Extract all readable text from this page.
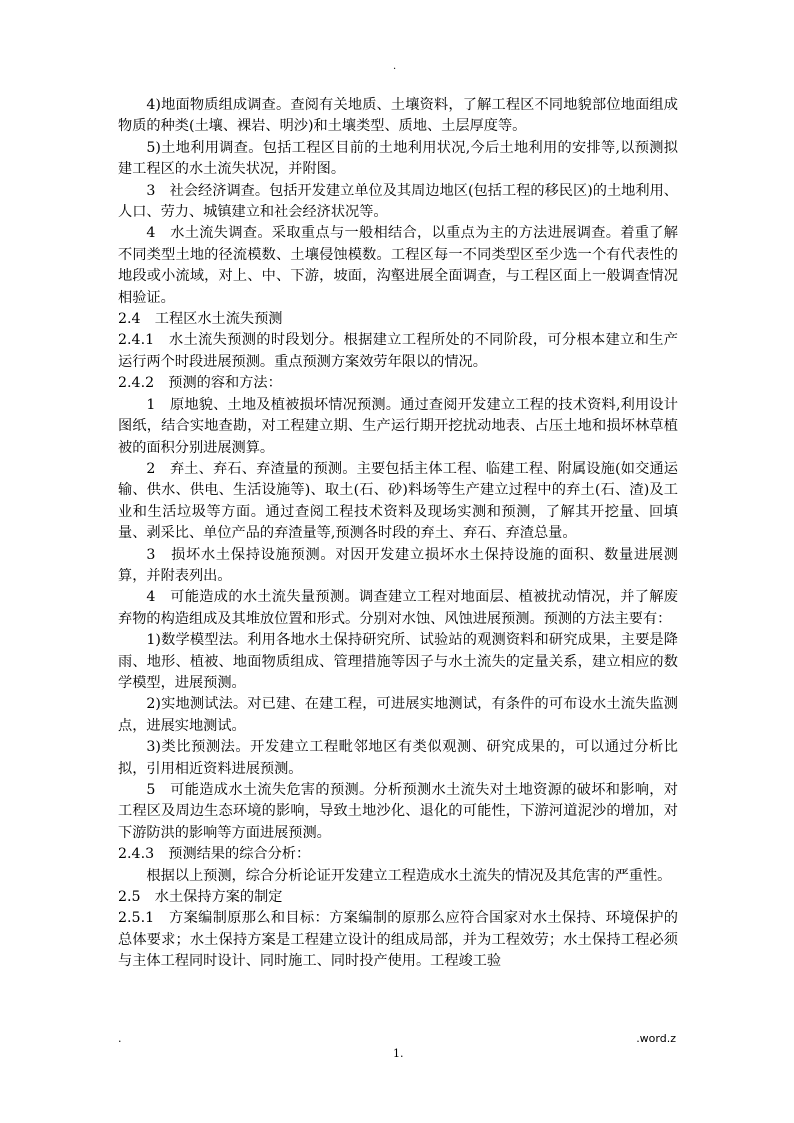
.

4)地面物质组成调查。查阅有关地质、土壤资料，了解工程区不同地貌部位地面组成物质的种类(土壤、裸岩、明沙)和土壤类型、质地、土层厚度等。

5)土地利用调查。包括工程区目前的土地利用状况,今后土地利用的安排等,以预测拟建工程区的水土流失状况，并附图。

3　社会经济调查。包括开发建立单位及其周边地区(包括工程的移民区)的土地利用、人口、劳力、城镇建立和社会经济状况等。

4　水土流失调查。采取重点与一般相结合，以重点为主的方法进展调查。着重了解不同类型土地的径流模数、土壤侵蚀模数。工程区每一不同类型区至少选一个有代表性的地段或小流域，对上、中、下游，坡面，沟壑进展全面调查，与工程区面上一般调查情况相验证。

2.4　工程区水土流失预测

2.4.1　水土流失预测的时段划分。根据建立工程所处的不同阶段，可分根本建立和生产运行两个时段进展预测。重点预测方案效劳年限以的情况。

2.4.2　预测的容和方法：

1　原地貌、土地及植被损坏情况预测。通过查阅开发建立工程的技术资料,利用设计图纸，结合实地查勘，对工程建立期、生产运行期开挖扰动地表、占压土地和损坏林草植被的面积分别进展测算。

2　弃土、弃石、弃渣量的预测。主要包括主体工程、临建工程、附属设施(如交通运输、供水、供电、生活设施等)、取土(石、砂)料场等生产建立过程中的弃土(石、渣)及工业和生活垃圾等方面。通过查阅工程技术资料及现场实测和预测，了解其开挖量、回填量、剥采比、单位产品的弃渣量等,预测各时段的弃土、弃石、弃渣总量。

3　损坏水土保持设施预测。对因开发建立损坏水土保持设施的面积、数量进展测算，并附表列出。

4　可能造成的水土流失量预测。调查建立工程对地面层、植被扰动情况，并了解废弃物的构造组成及其堆放位置和形式。分别对水蚀、风蚀进展预测。预测的方法主要有：

1)数学模型法。利用各地水土保持研究所、试验站的观测资料和研究成果，主要是降雨、地形、植被、地面物质组成、管理措施等因子与水土流失的定量关系，建立相应的数学模型，进展预测。

2)实地测试法。对已建、在建工程，可进展实地测试，有条件的可布设水土流失监测点，进展实地测试。

3)类比预测法。开发建立工程毗邻地区有类似观测、研究成果的，可以通过分析比拟，引用相近资料进展预测。

5　可能造成水土流失危害的预测。分析预测水土流失对土地资源的破坏和影响，对工程区及周边生态环境的影响，导致土地沙化、退化的可能性，下游河道泥沙的增加，对下游防洪的影响等方面进展预测。

2.4.3　预测结果的综合分析：

根据以上预测，综合分析论证开发建立工程造成水土流失的情况及其危害的严重性。

2.5　水土保持方案的制定

2.5.1　方案编制原那么和目标：方案编制的原那么应符合国家对水土保持、环境保护的总体要求；水土保持方案是工程建立设计的组成局部，并为工程效劳；水土保持工程必须与主体工程同时设计、同时施工、同时投产使用。工程竣工验

.	.word.z
1.
